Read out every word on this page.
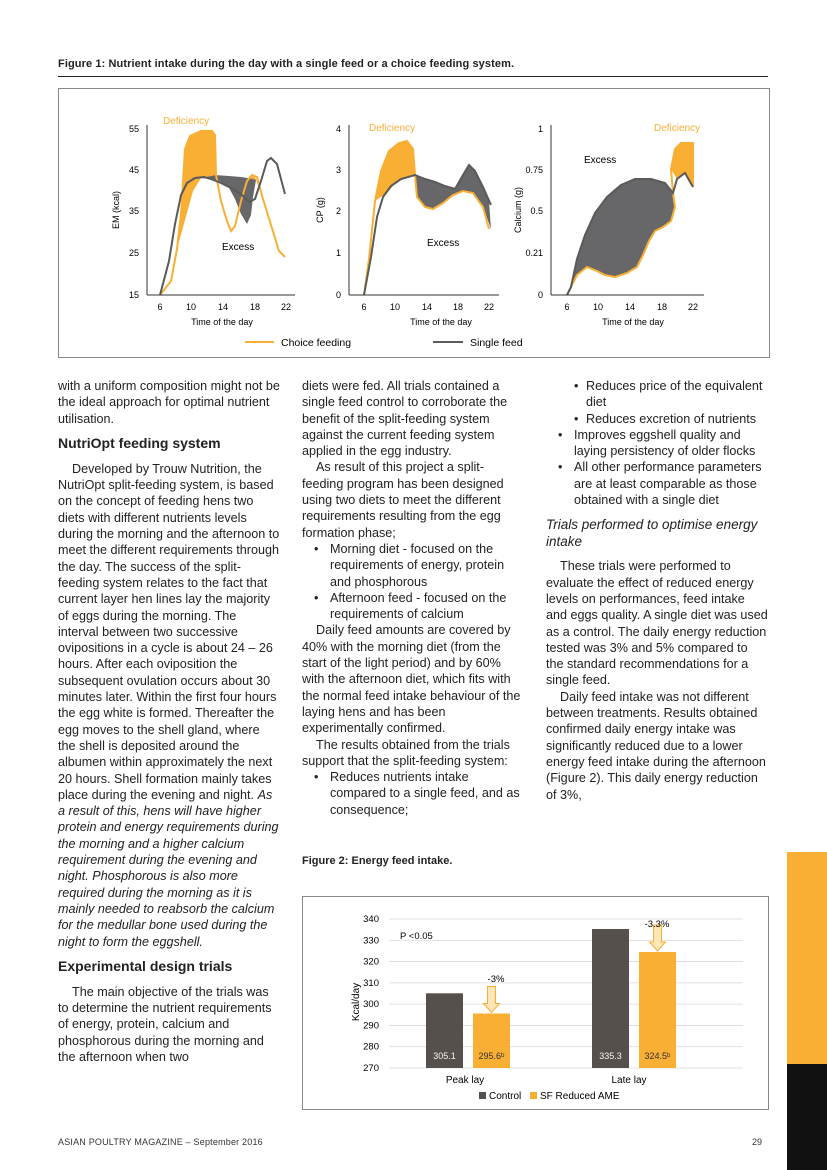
Figure 1: Nutrient intake during the day with a single feed or a choice feeding system.
55
45
35
25
15
6	10 14 18 22
Time of the day
EM (kcal)
Deficiency
Excess
4
3
2
1
0
6	10 14 18 22
Time of the day
CP (g)
Deficiency
Excess
1
0.75
0.5
0.21
0
6	10 14 18 22
Time of the day
Calcium (g)
Deficiency
Excess
Choice feeding	Single feed

with a uniform composition might not be the ideal approach for optimal nutrient utilisation.

NutriOpt feeding system

Developed by Trouw Nutrition, the NutriOpt split-feeding system, is based on the concept of feeding hens two diets with different nutrients levels during the morning and the afternoon to meet the different requirements through the day. The success of the split-feeding system relates to the fact that current layer hen lines lay the majority of eggs during the morning. The interval between two successive ovipositions in a cycle is about 24 – 26 hours. After each oviposition the subsequent ovulation occurs about 30 minutes later. Within the first four hours the egg white is formed. Thereafter the egg moves to the shell gland, where the shell is deposited around the albumen within approximately the next 20 hours. Shell formation mainly takes place during the evening and night. As a result of this, hens will have higher protein and energy requirements during the morning and a higher calcium requirement during the evening and night. Phosphorous is also more required during the morning as it is mainly needed to reabsorb the calcium for the medullar bone used during the night to form the eggshell.

Experimental design trials

The main objective of the trials was to determine the nutrient requirements of energy, protein, calcium and phosphorous during the morning and the afternoon when two

diets were fed. All trials contained a single feed control to corroborate the benefit of the split-feeding system against the current feeding system applied in the egg industry.

As result of this project a split-feeding program has been designed using two diets to meet the different requirements resulting from the egg formation phase;

• Morning diet - focused on the requirements of energy, protein and phosphorous
• Afternoon feed - focused on the requirements of calcium

Daily feed amounts are covered by 40% with the morning diet (from the start of the light period) and by 60% with the afternoon diet, which fits with the normal feed intake behaviour of the laying hens and has been experimentally confirmed.

The results obtained from the trials support that the split-feeding system:

• Reduces nutrients intake compared to a single feed, and as consequence;
• Reduces price of the equivalent diet
• Reduces excretion of nutrients
• Improves eggshell quality and laying persistency of older flocks
• All other performance parameters are at least comparable as those obtained with a single diet
Trials performed to optimise energy intake

These trials were performed to evaluate the effect of reduced energy levels on performances, feed intake and eggs quality. A single diet was used as a control. The daily energy reduction tested was 3% and 5% compared to the standard recommendations for a single feed.

Daily feed intake was not different between treatments. Results obtained confirmed daily energy intake was significantly reduced due to a lower energy feed intake during the afternoon (Figure 2). This daily energy reduction of 3%,

Figure 2: Energy feed intake.
340
330
320
310
300
290
280
270
Kcal/day
P <0.05
305.1	295.6ᵇ	335.3	324.5ᵇ
-3%
-3.3%
Peak lay	Late lay
Control SF Reduced AME
ASIAN POULTRY MAGAZINE – September 2016	29
